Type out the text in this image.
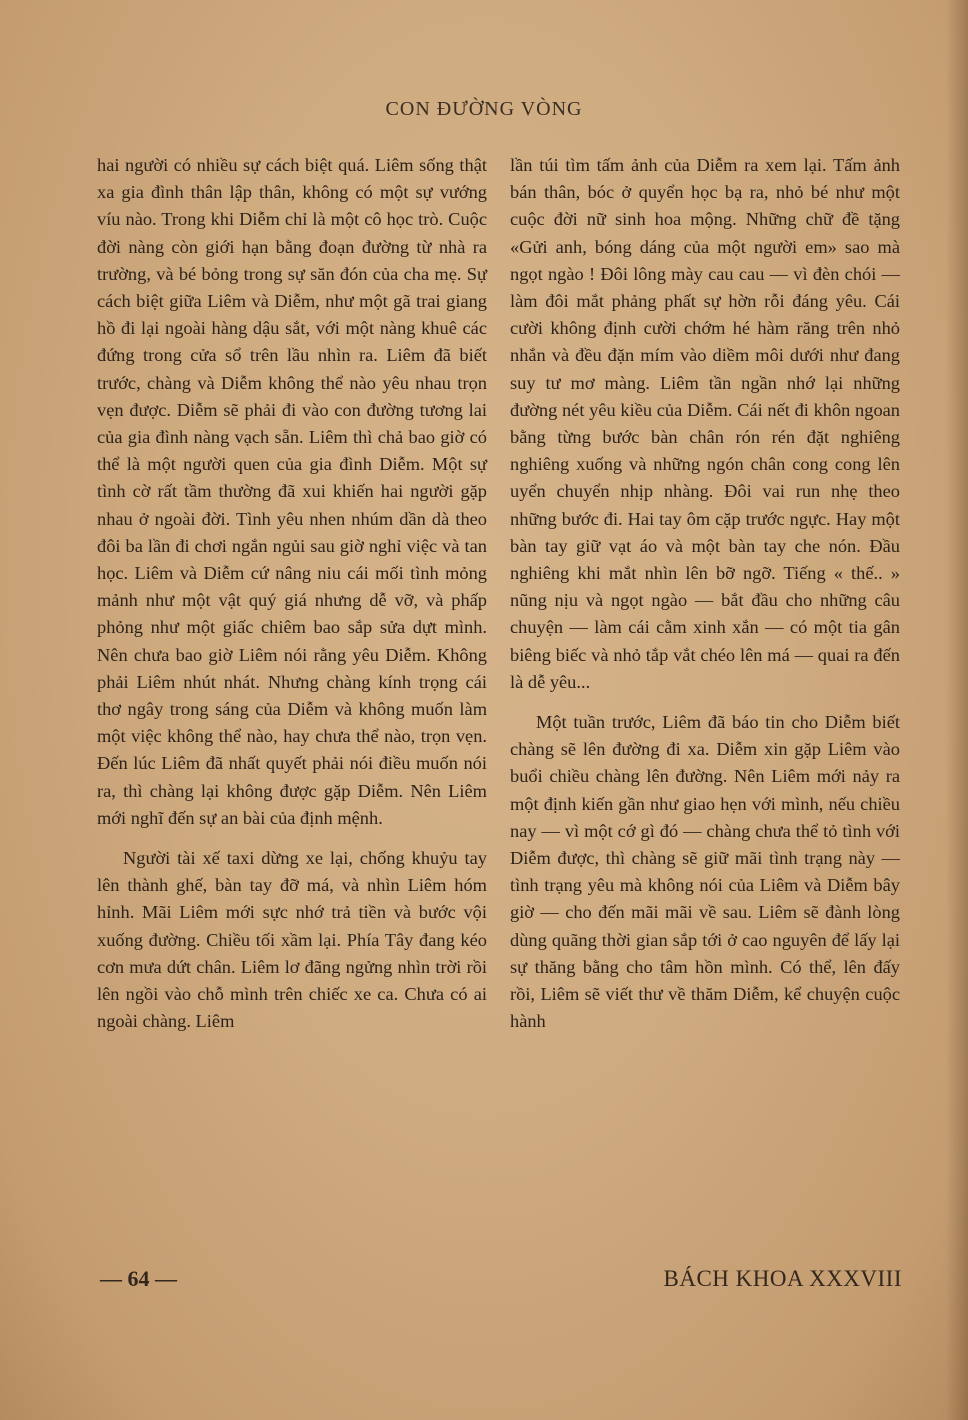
CON ĐƯỜNG VÒNG

hai người có nhiều sự cách biệt quá. Liêm sống thật xa gia đình thân lập thân, không có một sự vướng víu nào. Trong khi Diễm chỉ là một cô học trò. Cuộc đời nàng còn giới hạn bằng đoạn đường từ nhà ra trường, và bé bỏng trong sự săn đón của cha mẹ. Sự cách biệt giữa Liêm và Diễm, như một gã trai giang hồ đi lại ngoài hàng dậu sắt, với một nàng khuê các đứng trong cửa sổ trên lầu nhìn ra. Liêm đã biết trước, chàng và Diễm không thể nào yêu nhau trọn vẹn được. Diễm sẽ phải đi vào con đường tương lai của gia đình nàng vạch sẵn. Liêm thì chả bao giờ có thể là một người quen của gia đình Diễm. Một sự tình cờ rất tầm thường đã xui khiến hai người gặp nhau ở ngoài đời. Tình yêu nhen nhúm dần dà theo đôi ba lần đi chơi ngắn ngủi sau giờ nghỉ việc và tan học. Liêm và Diễm cứ nâng niu cái mối tình mỏng mảnh như một vật quý giá nhưng dễ vỡ, và phấp phỏng như một giấc chiêm bao sắp sửa dựt mình. Nên chưa bao giờ Liêm nói rằng yêu Diễm. Không phải Liêm nhút nhát. Nhưng chàng kính trọng cái thơ ngây trong sáng của Diễm và không muốn làm một việc không thể nào, hay chưa thể nào, trọn vẹn. Đến lúc Liêm đã nhất quyết phải nói điều muốn nói ra, thì chàng lại không được gặp Diễm. Nên Liêm mới nghĩ đến sự an bài của định mệnh.

Người tài xế taxi dừng xe lại, chống khuỷu tay lên thành ghế, bàn tay đỡ má, và nhìn Liêm hóm hỉnh. Mãi Liêm mới sực nhớ trả tiền và bước vội xuống đường. Chiều tối xầm lại. Phía Tây đang kéo cơn mưa dứt chân. Liêm lơ đãng ngửng nhìn trời rồi lên ngồi vào chỗ mình trên chiếc xe ca. Chưa có ai ngoài chàng. Liêm

lần túi tìm tấm ảnh của Diễm ra xem lại. Tấm ảnh bán thân, bóc ở quyển học bạ ra, nhỏ bé như một cuộc đời nữ sinh hoa mộng. Những chữ đề tặng «Gửi anh, bóng dáng của một người em» sao mà ngọt ngào ! Đôi lông mày cau cau — vì đèn chói — làm đôi mắt phảng phất sự hờn rỗi đáng yêu. Cái cười không định cười chớm hé hàm răng trên nhỏ nhắn và đều đặn mím vào diềm môi dưới như đang suy tư mơ màng. Liêm tần ngần nhớ lại những đường nét yêu kiều của Diễm. Cái nết đi khôn ngoan bằng từng bước bàn chân rón rén đặt nghiêng nghiêng xuống và những ngón chân cong cong lên uyển chuyển nhịp nhàng. Đôi vai run nhẹ theo những bước đi. Hai tay ôm cặp trước ngực. Hay một bàn tay giữ vạt áo và một bàn tay che nón. Đầu nghiêng khi mắt nhìn lên bỡ ngỡ. Tiếng « thế.. » nũng nịu và ngọt ngào — bắt đầu cho những câu chuyện — làm cái cằm xinh xắn — có một tia gân biêng biếc và nhỏ tắp vắt chéo lên má — quai ra đến là dễ yêu...

Một tuần trước, Liêm đã báo tin cho Diễm biết chàng sẽ lên đường đi xa. Diễm xin gặp Liêm vào buổi chiều chàng lên đường. Nên Liêm mới nảy ra một định kiến gần như giao hẹn với mình, nếu chiều nay — vì một cớ gì đó — chàng chưa thể tỏ tình với Diễm được, thì chàng sẽ giữ mãi tình trạng này — tình trạng yêu mà không nói của Liêm và Diễm bây giờ — cho đến mãi mãi về sau. Liêm sẽ đành lòng dùng quãng thời gian sắp tới ở cao nguyên để lấy lại sự thăng bằng cho tâm hồn mình. Có thể, lên đấy rồi, Liêm sẽ viết thư về thăm Diễm, kể chuyện cuộc hành

— 64 —	BÁCH KHOA XXXVIII
